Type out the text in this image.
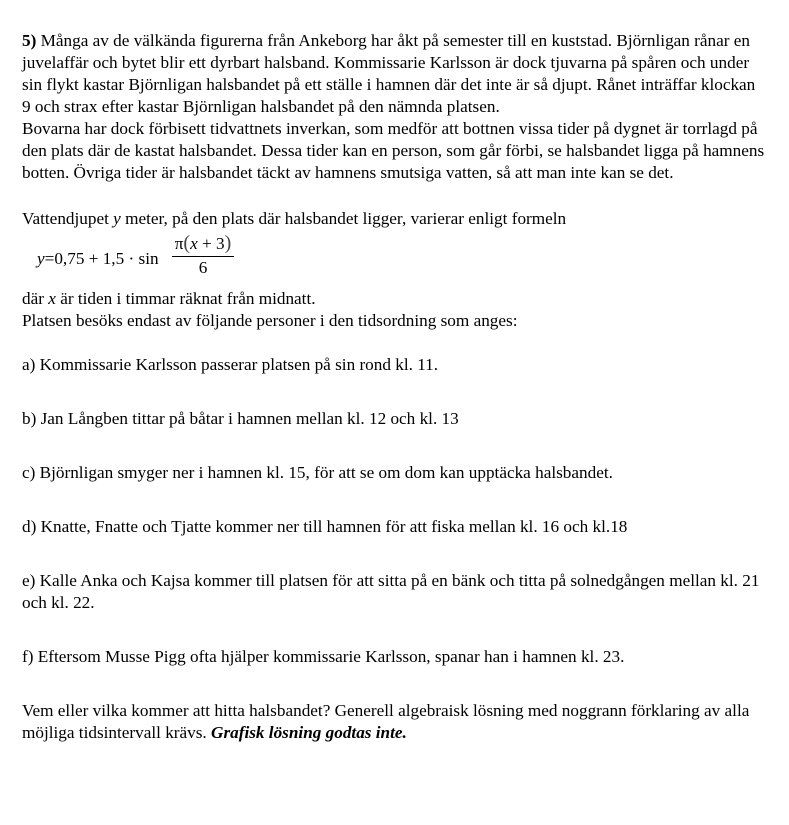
5) Många av de välkända figurerna från Ankeborg har åkt på semester till en kuststad. Björnligan rånar en juvelaffär och bytet blir ett dyrbart halsband. Kommissarie Karlsson är dock tjuvarna på spåren och under sin flykt kastar Björnligan halsbandet på ett ställe i hamnen där det inte är så djupt. Rånet inträffar klockan 9 och strax efter kastar Björnligan halsbandet på den nämnda platsen.

Bovarna har dock förbisett tidvattnets inverkan, som medför att bottnen vissa tider på dygnet är torrlagd på den plats där de kastat halsbandet. Dessa tider kan en person, som går förbi, se halsbandet ligga på hamnens botten. Övriga tider är halsbandet täckt av hamnens smutsiga vatten, så att man inte kan se det.

Vattendjupet y meter, på den plats där halsbandet ligger, varierar enligt formeln

y=0,75 + 1,5 · sin
π(x + 3)
6

där x är tiden i timmar räknat från midnatt.

Platsen besöks endast av följande personer i den tidsordning som anges:

a) Kommissarie Karlsson passerar platsen på sin rond kl. 11.

b) Jan Långben tittar på båtar i hamnen mellan kl. 12 och kl. 13

c) Björnligan smyger ner i hamnen kl. 15, för att se om dom kan upptäcka halsbandet.

d) Knatte, Fnatte och Tjatte kommer ner till hamnen för att fiska mellan kl. 16 och kl.18

e) Kalle Anka och Kajsa kommer till platsen för att sitta på en bänk och titta på solnedgången mellan kl. 21 och kl. 22.

f) Eftersom Musse Pigg ofta hjälper kommissarie Karlsson, spanar han i hamnen kl. 23.

Vem eller vilka kommer att hitta halsbandet? Generell algebraisk lösning med noggrann förklaring av alla möjliga tidsintervall krävs. Grafisk lösning godtas inte.
